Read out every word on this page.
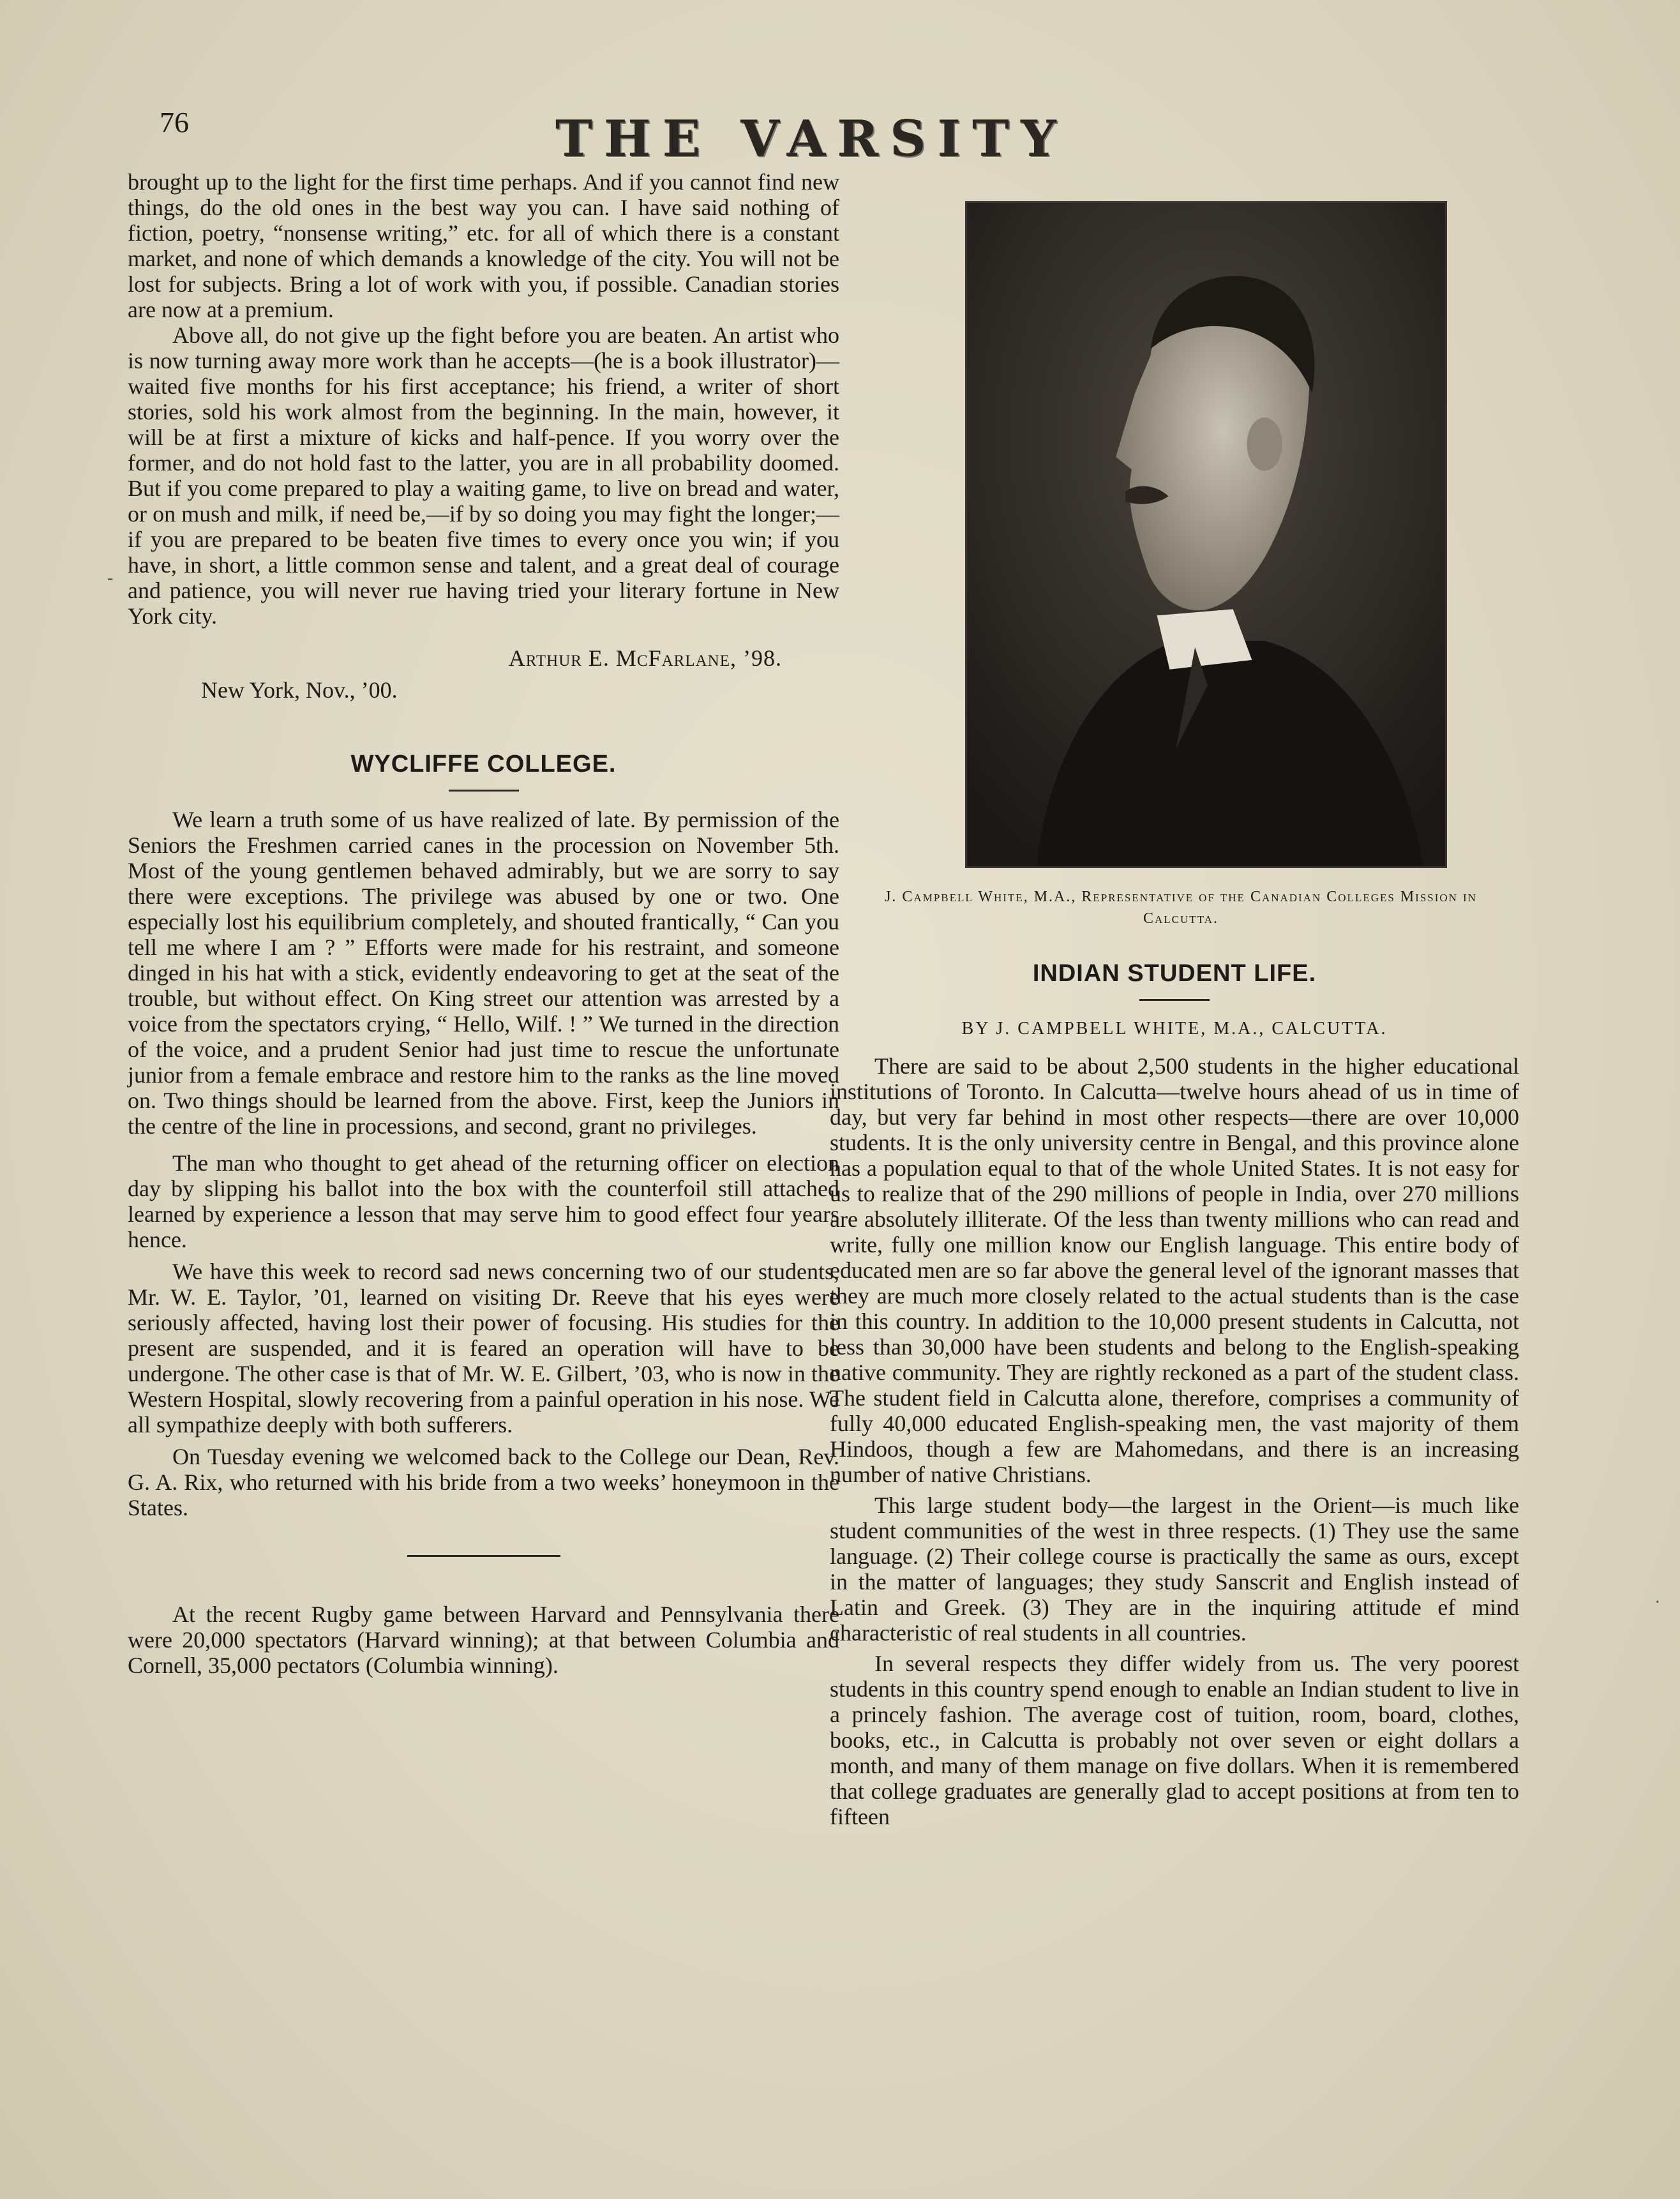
76	THE VARSITY
-

brought up to the light for the first time perhaps. And if you cannot find new things, do the old ones in the best way you can. I have said nothing of fiction, poetry, “nonsense writing,” etc. for all of which there is a constant market, and none of which demands a knowledge of the city. You will not be lost for subjects. Bring a lot of work with you, if possible. Canadian stories are now at a premium.

Above all, do not give up the fight before you are beaten. An artist who is now turning away more work than he accepts—(he is a book illustrator)—waited five months for his first acceptance; his friend, a writer of short stories, sold his work almost from the beginning. In the main, however, it will be at first a mixture of kicks and half-pence. If you worry over the former, and do not hold fast to the latter, you are in all probability doomed. But if you come prepared to play a waiting game, to live on bread and water, or on mush and milk, if need be,—if by so doing you may fight the longer;—if you are prepared to be beaten five times to every once you win; if you have, in short, a little common sense and talent, and a great deal of courage and patience, you will never rue having tried your literary fortune in New York city.

Arthur E. McFarlane, ’98.
New York, Nov., ’00.
WYCLIFFE COLLEGE.

We learn a truth some of us have realized of late. By permission of the Seniors the Freshmen carried canes in the procession on November 5th. Most of the young gentlemen behaved admirably, but we are sorry to say there were exceptions. The privilege was abused by one or two. One especially lost his equilibrium completely, and shouted frantically, “ Can you tell me where I am ? ” Efforts were made for his restraint, and someone dinged in his hat with a stick, evidently endeavoring to get at the seat of the trouble, but without effect. On King street our attention was arrested by a voice from the spectators crying, “ Hello, Wilf. ! ” We turned in the direction of the voice, and a prudent Senior had just time to rescue the unfortunate junior from a female embrace and restore him to the ranks as the line moved on. Two things should be learned from the above. First, keep the Juniors in the centre of the line in processions, and second, grant no privileges.

The man who thought to get ahead of the returning officer on election day by slipping his ballot into the box with the counterfoil still attached learned by experience a lesson that may serve him to good effect four years hence.

We have this week to record sad news concerning two of our students, Mr. W. E. Taylor, ’01, learned on visiting Dr. Reeve that his eyes were seriously affected, having lost their power of focusing. His studies for the present are suspended, and it is feared an operation will have to be undergone. The other case is that of Mr. W. E. Gilbert, ’03, who is now in the Western Hospital, slowly recovering from a painful operation in his nose. We all sympathize deeply with both sufferers.

On Tuesday evening we welcomed back to the College our Dean, Rev. G. A. Rix, who returned with his bride from a two weeks’ honeymoon in the States.

At the recent Rugby game between Harvard and Pennsylvania there were 20,000 spectators (Harvard winning); at that between Columbia and Cornell, 35,000 pectators (Columbia winning).

J. Campbell White, M.A., Representative of the Canadian Colleges Mission in Calcutta.
INDIAN STUDENT LIFE.
BY J. CAMPBELL WHITE, M.A., CALCUTTA.

There are said to be about 2,500 students in the higher educational institutions of Toronto. In Calcutta—twelve hours ahead of us in time of day, but very far behind in most other respects—there are over 10,000 students. It is the only university centre in Bengal, and this province alone has a population equal to that of the whole United States. It is not easy for us to realize that of the 290 millions of people in India, over 270 millions are absolutely illiterate. Of the less than twenty millions who can read and write, fully one million know our English language. This entire body of educated men are so far above the general level of the ignorant masses that they are much more closely related to the actual students than is the case in this country. In addition to the 10,000 present students in Calcutta, not less than 30,000 have been students and belong to the English-speaking native community. They are rightly reckoned as a part of the student class. The student field in Calcutta alone, therefore, comprises a community of fully 40,000 educated English-speaking men, the vast majority of them Hindoos, though a few are Mahomedans, and there is an increasing number of native Christians.

This large student body—the largest in the Orient—is much like student communities of the west in three respects. (1) They use the same language. (2) Their college course is practically the same as ours, except in the matter of languages; they study Sanscrit and English instead of Latin and Greek. (3) They are in the inquiring attitude ef mind characteristic of real students in all countries.

In several respects they differ widely from us. The very poorest students in this country spend enough to enable an Indian student to live in a princely fashion. The average cost of tuition, room, board, clothes, books, etc., in Calcutta is probably not over seven or eight dollars a month, and many of them manage on five dollars. When it is remembered that college graduates are generally glad to accept positions at from ten to fifteen

·
